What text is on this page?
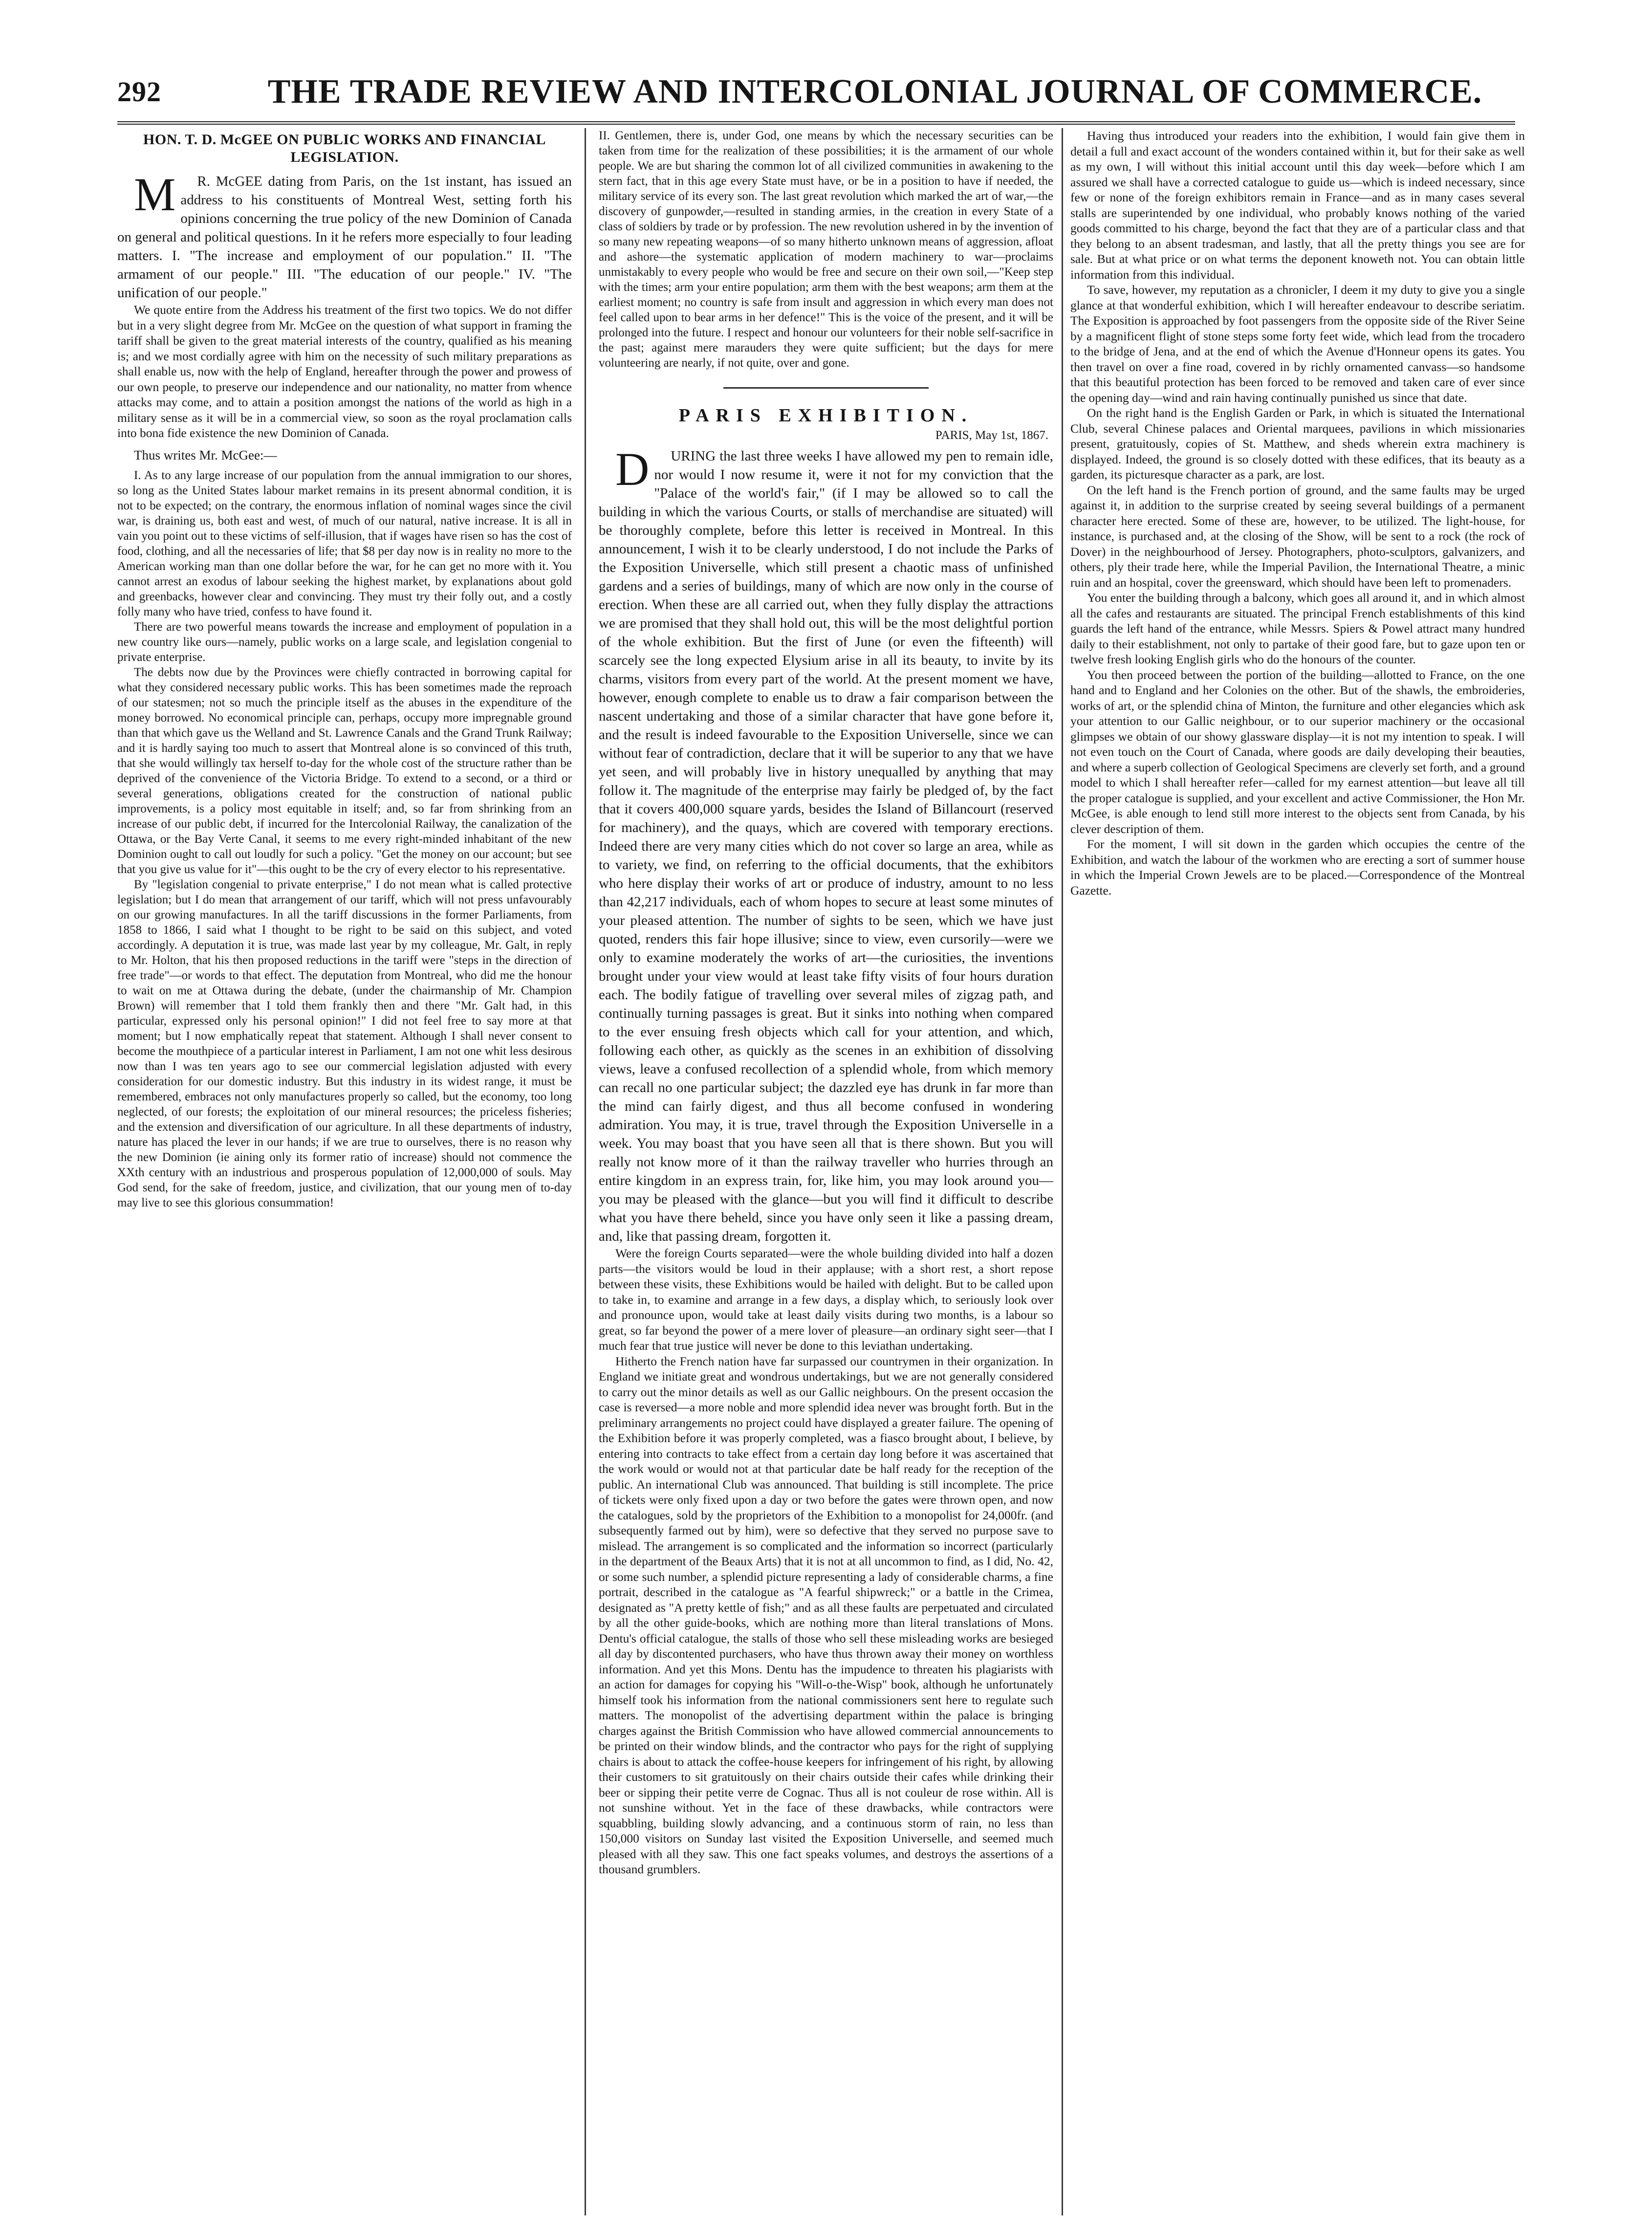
292	THE TRADE REVIEW AND INTERCOLONIAL JOURNAL OF COMMERCE.
HON. T. D. McGEE ON PUBLIC WORKS AND FINANCIAL LEGISLATION.

MR. McGEE dating from Paris, on the 1st instant, has issued an address to his constituents of Montreal West, setting forth his opinions concerning the true policy of the new Dominion of Canada on general and political questions. In it he refers more especially to four leading matters. I. "The increase and employment of our population." II. "The armament of our people." III. "The education of our people." IV. "The unification of our people."

We quote entire from the Address his treatment of the first two topics. We do not differ but in a very slight degree from Mr. McGee on the question of what support in framing the tariff shall be given to the great material interests of the country, qualified as his meaning is; and we most cordially agree with him on the necessity of such military preparations as shall enable us, now with the help of England, hereafter through the power and prowess of our own people, to preserve our independence and our nationality, no matter from whence attacks may come, and to attain a position amongst the nations of the world as high in a military sense as it will be in a commercial view, so soon as the royal proclamation calls into bona fide existence the new Dominion of Canada.

Thus writes Mr. McGee:—

I. As to any large increase of our population from the annual immigration to our shores, so long as the United States labour market remains in its present abnormal condition, it is not to be expected; on the contrary, the enormous inflation of nominal wages since the civil war, is draining us, both east and west, of much of our natural, native increase. It is all in vain you point out to these victims of self-illusion, that if wages have risen so has the cost of food, clothing, and all the necessaries of life; that $8 per day now is in reality no more to the American working man than one dollar before the war, for he can get no more with it. You cannot arrest an exodus of labour seeking the highest market, by explanations about gold and greenbacks, however clear and convincing. They must try their folly out, and a costly folly many who have tried, confess to have found it.

There are two powerful means towards the increase and employment of population in a new country like ours—namely, public works on a large scale, and legislation congenial to private enterprise.

The debts now due by the Provinces were chiefly contracted in borrowing capital for what they considered necessary public works. This has been sometimes made the reproach of our statesmen; not so much the principle itself as the abuses in the expenditure of the money borrowed. No economical principle can, perhaps, occupy more impregnable ground than that which gave us the Welland and St. Lawrence Canals and the Grand Trunk Railway; and it is hardly saying too much to assert that Montreal alone is so convinced of this truth, that she would willingly tax herself to-day for the whole cost of the structure rather than be deprived of the convenience of the Victoria Bridge. To extend to a second, or a third or several generations, obligations created for the construction of national public improvements, is a policy most equitable in itself; and, so far from shrinking from an increase of our public debt, if incurred for the Intercolonial Railway, the canalization of the Ottawa, or the Bay Verte Canal, it seems to me every right-minded inhabitant of the new Dominion ought to call out loudly for such a policy. "Get the money on our account; but see that you give us value for it"—this ought to be the cry of every elector to his representative.

By "legislation congenial to private enterprise," I do not mean what is called protective legislation; but I do mean that arrangement of our tariff, which will not press unfavourably on our growing manufactures. In all the tariff discussions in the former Parliaments, from 1858 to 1866, I said what I thought to be right to be said on this subject, and voted accordingly. A deputation it is true, was made last year by my colleague, Mr. Galt, in reply to Mr. Holton, that his then proposed reductions in the tariff were "steps in the direction of free trade"—or words to that effect. The deputation from Montreal, who did me the honour to wait on me at Ottawa during the debate, (under the chairmanship of Mr. Champion Brown) will remember that I told them frankly then and there "Mr. Galt had, in this particular, expressed only his personal opinion!" I did not feel free to say more at that moment; but I now emphatically repeat that statement. Although I shall never consent to become the mouthpiece of a particular interest in Parliament, I am not one whit less desirous now than I was ten years ago to see our commercial legislation adjusted with every consideration for our domestic industry. But this industry in its widest range, it must be remembered, embraces not only manufactures properly so called, but the economy, too long neglected, of our forests; the exploitation of our mineral resources; the priceless fisheries; and the extension and diversification of our agriculture. In all these departments of industry, nature has placed the lever in our hands; if we are true to ourselves, there is no reason why the new Dominion (ie aining only its former ratio of increase) should not commence the XXth century with an industrious and prosperous population of 12,000,000 of souls. May God send, for the sake of freedom, justice, and civilization, that our young men of to-day may live to see this glorious consummation!

II. Gentlemen, there is, under God, one means by which the necessary securities can be taken from time for the realization of these possibilities; it is the armament of our whole people. We are but sharing the common lot of all civilized communities in awakening to the stern fact, that in this age every State must have, or be in a position to have if needed, the military service of its every son. The last great revolution which marked the art of war,—the discovery of gunpowder,—resulted in standing armies, in the creation in every State of a class of soldiers by trade or by profession. The new revolution ushered in by the invention of so many new repeating weapons—of so many hitherto unknown means of aggression, afloat and ashore—the systematic application of modern machinery to war—proclaims unmistakably to every people who would be free and secure on their own soil,—"Keep step with the times; arm your entire population; arm them with the best weapons; arm them at the earliest moment; no country is safe from insult and aggression in which every man does not feel called upon to bear arms in her defence!" This is the voice of the present, and it will be prolonged into the future. I respect and honour our volunteers for their noble self-sacrifice in the past; against mere marauders they were quite sufficient; but the days for mere volunteering are nearly, if not quite, over and gone.

PARIS EXHIBITION.
PARIS, May 1st, 1867.

DURING the last three weeks I have allowed my pen to remain idle, nor would I now resume it, were it not for my conviction that the "Palace of the world's fair," (if I may be allowed so to call the building in which the various Courts, or stalls of merchandise are situated) will be thoroughly complete, before this letter is received in Montreal. In this announcement, I wish it to be clearly understood, I do not include the Parks of the Exposition Universelle, which still present a chaotic mass of unfinished gardens and a series of buildings, many of which are now only in the course of erection. When these are all carried out, when they fully display the attractions we are promised that they shall hold out, this will be the most delightful portion of the whole exhibition. But the first of June (or even the fifteenth) will scarcely see the long expected Elysium arise in all its beauty, to invite by its charms, visitors from every part of the world. At the present moment we have, however, enough complete to enable us to draw a fair comparison between the nascent undertaking and those of a similar character that have gone before it, and the result is indeed favourable to the Exposition Universelle, since we can without fear of contradiction, declare that it will be superior to any that we have yet seen, and will probably live in history unequalled by anything that may follow it. The magnitude of the enterprise may fairly be pledged of, by the fact that it covers 400,000 square yards, besides the Island of Billancourt (reserved for machinery), and the quays, which are covered with temporary erections. Indeed there are very many cities which do not cover so large an area, while as to variety, we find, on referring to the official documents, that the exhibitors who here display their works of art or produce of industry, amount to no less than 42,217 individuals, each of whom hopes to secure at least some minutes of your pleased attention. The number of sights to be seen, which we have just quoted, renders this fair hope illusive; since to view, even cursorily—were we only to examine moderately the works of art—the curiosities, the inventions brought under your view would at least take fifty visits of four hours duration each. The bodily fatigue of travelling over several miles of zigzag path, and continually turning passages is great. But it sinks into nothing when compared to the ever ensuing fresh objects which call for your attention, and which, following each other, as quickly as the scenes in an exhibition of dissolving views, leave a confused recollection of a splendid whole, from which memory can recall no one particular subject; the dazzled eye has drunk in far more than the mind can fairly digest, and thus all become confused in wondering admiration. You may, it is true, travel through the Exposition Universelle in a week. You may boast that you have seen all that is there shown. But you will really not know more of it than the railway traveller who hurries through an entire kingdom in an express train, for, like him, you may look around you—you may be pleased with the glance—but you will find it difficult to describe what you have there beheld, since you have only seen it like a passing dream, and, like that passing dream, forgotten it.

Were the foreign Courts separated—were the whole building divided into half a dozen parts—the visitors would be loud in their applause; with a short rest, a short repose between these visits, these Exhibitions would be hailed with delight. But to be called upon to take in, to examine and arrange in a few days, a display which, to seriously look over and pronounce upon, would take at least daily visits during two months, is a labour so great, so far beyond the power of a mere lover of pleasure—an ordinary sight seer—that I much fear that true justice will never be done to this leviathan undertaking.

Hitherto the French nation have far surpassed our countrymen in their organization. In England we initiate great and wondrous undertakings, but we are not generally considered to carry out the minor details as well as our Gallic neighbours. On the present occasion the case is reversed—a more noble and more splendid idea never was brought forth. But in the preliminary arrangements no project could have displayed a greater failure. The opening of the Exhibition before it was properly completed, was a fiasco brought about, I believe, by entering into contracts to take effect from a certain day long before it was ascertained that the work would or would not at that particular date be half ready for the reception of the public. An international Club was announced. That building is still incomplete. The price of tickets were only fixed upon a day or two before the gates were thrown open, and now the catalogues, sold by the proprietors of the Exhibition to a monopolist for 24,000fr. (and subsequently farmed out by him), were so defective that they served no purpose save to mislead. The arrangement is so complicated and the information so incorrect (particularly in the department of the Beaux Arts) that it is not at all uncommon to find, as I did, No. 42, or some such number, a splendid picture representing a lady of considerable charms, a fine portrait, described in the catalogue as "A fearful shipwreck;" or a battle in the Crimea, designated as "A pretty kettle of fish;" and as all these faults are perpetuated and circulated by all the other guide-books, which are nothing more than literal translations of Mons. Dentu's official catalogue, the stalls of those who sell these misleading works are besieged all day by discontented purchasers, who have thus thrown away their money on worthless information. And yet this Mons. Dentu has the impudence to threaten his plagiarists with an action for damages for copying his "Will-o-the-Wisp" book, although he unfortunately himself took his information from the national commissioners sent here to regulate such matters. The monopolist of the advertising department within the palace is bringing charges against the British Commission who have allowed commercial announcements to be printed on their window blinds, and the contractor who pays for the right of supplying chairs is about to attack the coffee-house keepers for infringement of his right, by allowing their customers to sit gratuitously on their chairs outside their cafes while drinking their beer or sipping their petite verre de Cognac. Thus all is not couleur de rose within. All is not sunshine without. Yet in the face of these drawbacks, while contractors were squabbling, building slowly advancing, and a continuous storm of rain, no less than 150,000 visitors on Sunday last visited the Exposition Universelle, and seemed much pleased with all they saw. This one fact speaks volumes, and destroys the assertions of a thousand grumblers.

Having thus introduced your readers into the exhibition, I would fain give them in detail a full and exact account of the wonders contained within it, but for their sake as well as my own, I will without this initial account until this day week—before which I am assured we shall have a corrected catalogue to guide us—which is indeed necessary, since few or none of the foreign exhibitors remain in France—and as in many cases several stalls are superintended by one individual, who probably knows nothing of the varied goods committed to his charge, beyond the fact that they are of a particular class and that they belong to an absent tradesman, and lastly, that all the pretty things you see are for sale. But at what price or on what terms the deponent knoweth not. You can obtain little information from this individual.

To save, however, my reputation as a chronicler, I deem it my duty to give you a single glance at that wonderful exhibition, which I will hereafter endeavour to describe seriatim. The Exposition is approached by foot passengers from the opposite side of the River Seine by a magnificent flight of stone steps some forty feet wide, which lead from the trocadero to the bridge of Jena, and at the end of which the Avenue d'Honneur opens its gates. You then travel on over a fine road, covered in by richly ornamented canvass—so handsome that this beautiful protection has been forced to be removed and taken care of ever since the opening day—wind and rain having continually punished us since that date.

On the right hand is the English Garden or Park, in which is situated the International Club, several Chinese palaces and Oriental marquees, pavilions in which missionaries present, gratuitously, copies of St. Matthew, and sheds wherein extra machinery is displayed. Indeed, the ground is so closely dotted with these edifices, that its beauty as a garden, its picturesque character as a park, are lost.

On the left hand is the French portion of ground, and the same faults may be urged against it, in addition to the surprise created by seeing several buildings of a permanent character here erected. Some of these are, however, to be utilized. The light-house, for instance, is purchased and, at the closing of the Show, will be sent to a rock (the rock of Dover) in the neighbourhood of Jersey. Photographers, photo-sculptors, galvanizers, and others, ply their trade here, while the Imperial Pavilion, the International Theatre, a minic ruin and an hospital, cover the greensward, which should have been left to promenaders.

You enter the building through a balcony, which goes all around it, and in which almost all the cafes and restaurants are situated. The principal French establishments of this kind guards the left hand of the entrance, while Messrs. Spiers & Powel attract many hundred daily to their establishment, not only to partake of their good fare, but to gaze upon ten or twelve fresh looking English girls who do the honours of the counter.

You then proceed between the portion of the building—allotted to France, on the one hand and to England and her Colonies on the other. But of the shawls, the embroideries, works of art, or the splendid china of Minton, the furniture and other elegancies which ask your attention to our Gallic neighbour, or to our superior machinery or the occasional glimpses we obtain of our showy glassware display—it is not my intention to speak. I will not even touch on the Court of Canada, where goods are daily developing their beauties, and where a superb collection of Geological Specimens are cleverly set forth, and a ground model to which I shall hereafter refer—called for my earnest attention—but leave all till the proper catalogue is supplied, and your excellent and active Commissioner, the Hon Mr. McGee, is able enough to lend still more interest to the objects sent from Canada, by his clever description of them.

For the moment, I will sit down in the garden which occupies the centre of the Exhibition, and watch the labour of the workmen who are erecting a sort of summer house in which the Imperial Crown Jewels are to be placed.—Correspondence of the Montreal Gazette.
